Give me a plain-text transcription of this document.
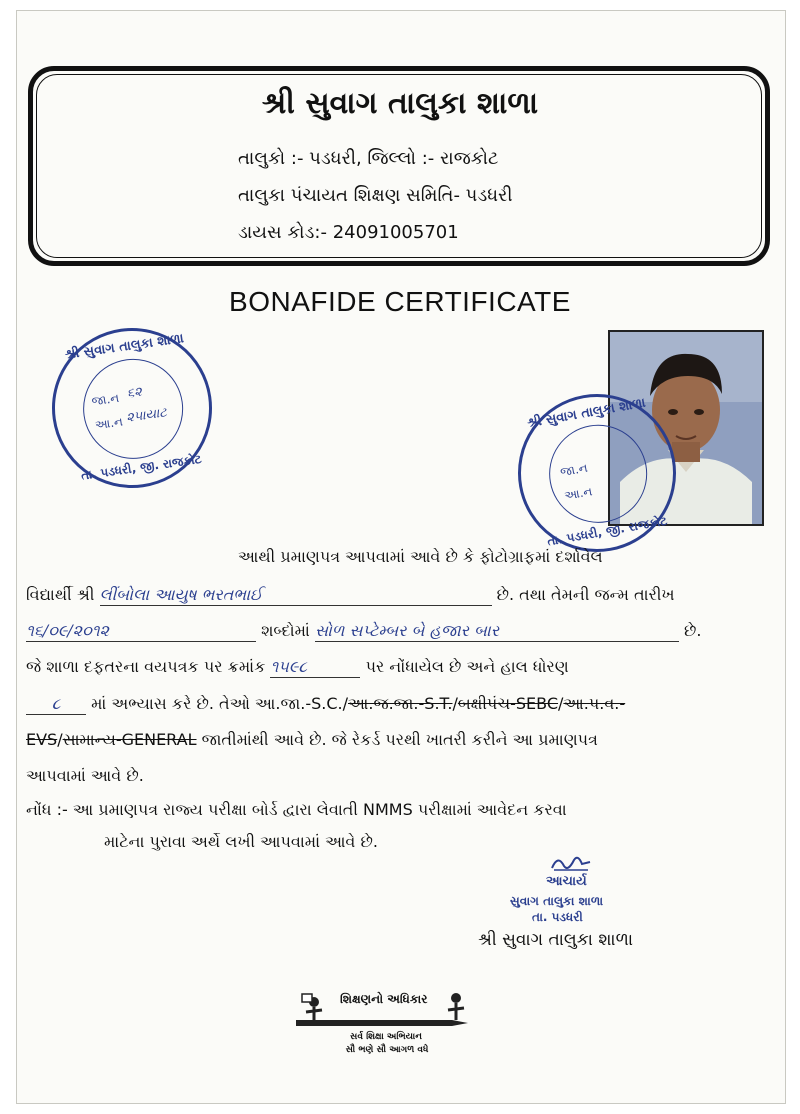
શ્રી સુવાગ તાલુકા શાળા
તાલુકો :- પડધરી, જિલ્લો :- રાજકોટ
તાલુકા પંચાયત શિક્ષણ સમિતિ- પડધરી
ડાયસ કોડ:- 24091005701
BONAFIDE CERTIFICATE
શ્રી સુવાગ તાલુકા શાળા
તા. પડધરી, જી. રાજકોટ
જા.ન ૬૨
આ.ન ૨૫ાયાટ	શ્રી સુવાગ તાલુકા શાળા
તા. પડધરી, જી. રાજકોટ
જા.ન
આ.ન
આથી પ્રમાણપત્ર આપવામાં આવે છે કે ફોટોગ્રાફમાં દર્શાવેલ
વિદ્યાર્થી શ્રી લીંબોલા આયુષ ભરતભાઈ	છે. તથા તેમની જન્મ તારીખ
૧૬/૦૯/૨૦૧૨	શબ્દોમાં સોળ સપ્ટેમ્બર બે હજાર બાર	છે.
જે શાળા દફતરના વયપત્રક પર ક્રમાંક ૧૫૯૮	પર નોંધાયેલ છે અને હાલ ધોરણ
૮ માં અભ્યાસ કરે છે. તેઓ આ.જા.-S.C./આ.જ.જા.-S.T./બક્ષીપંચ-SEBC/આ.પ.વ.-
EVS/સામાન્ય-GENERAL જાતીમાંથી આવે છે. જે રેકર્ડ પરથી ખાતરી કરીને આ પ્રમાણપત્ર
આપવામાં આવે છે.
નોંધ :- આ પ્રમાણપત્ર રાજ્ય પરીક્ષા બોર્ડ દ્વારા લેવાતી NMMS પરીક્ષામાં આવેદન કરવા
માટેના પુરાવા અર્થે લખી આપવામાં આવે છે.
આચાર્ય
સુવાગ તાલુકા શાળા
તા. પડધરી
શ્રી સુવાગ તાલુકા શાળા
શિક્ષણનો અધિકાર
સર્વ શિક્ષા અભિયાન
સૌ ભણે સૌ આગળ વધે
